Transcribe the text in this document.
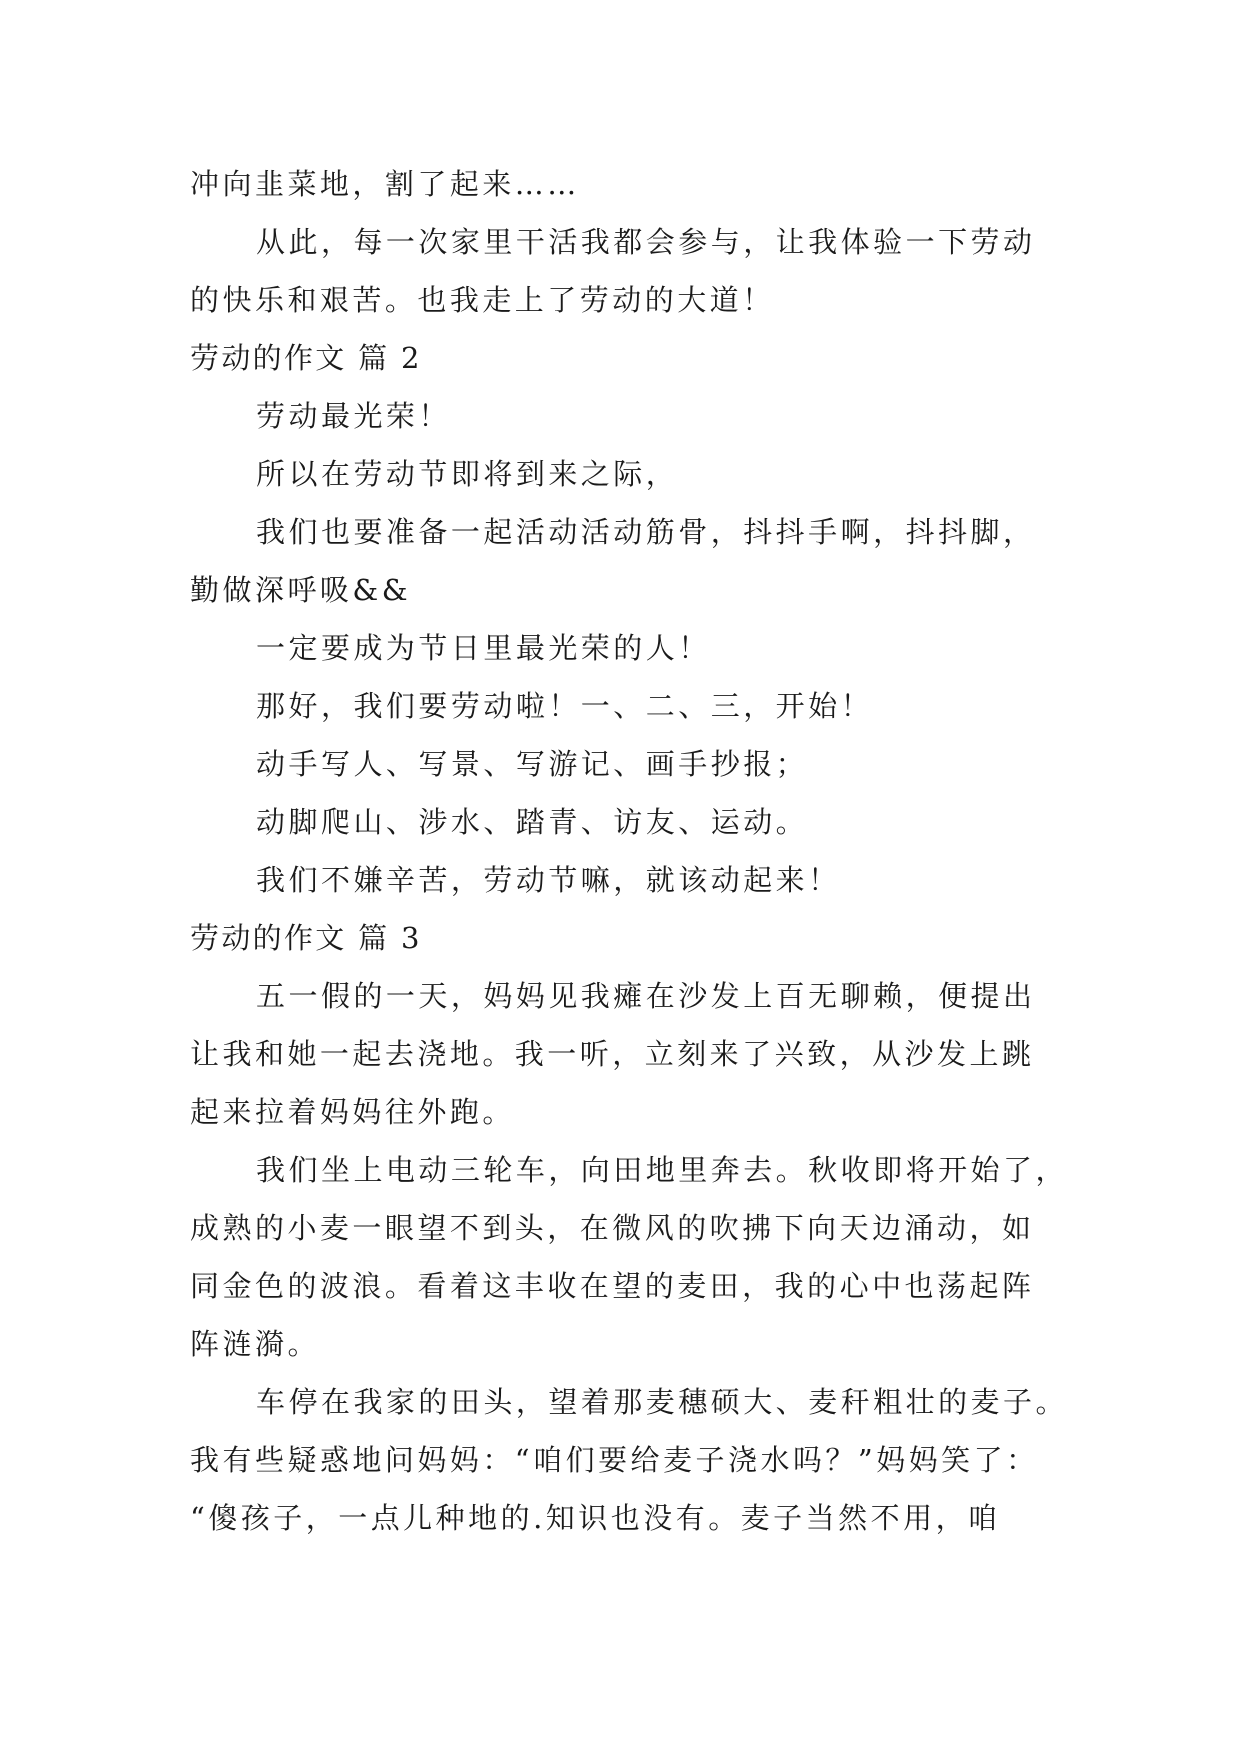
冲向韭菜地，割了起来……
从此，每一次家里干活我都会参与，让我体验一下劳动
的快乐和艰苦。也我走上了劳动的大道！
劳动的作文 篇 2
劳动最光荣！
所以在劳动节即将到来之际，
我们也要准备一起活动活动筋骨，抖抖手啊，抖抖脚，
勤做深呼吸&&
一定要成为节日里最光荣的人！
那好，我们要劳动啦！一、二、三，开始！
动手写人、写景、写游记、画手抄报；
动脚爬山、涉水、踏青、访友、运动。
我们不嫌辛苦，劳动节嘛，就该动起来！
劳动的作文 篇 3
五一假的一天，妈妈见我瘫在沙发上百无聊赖，便提出
让我和她一起去浇地。我一听，立刻来了兴致，从沙发上跳
起来拉着妈妈往外跑。
我们坐上电动三轮车，向田地里奔去。秋收即将开始了，
成熟的小麦一眼望不到头，在微风的吹拂下向天边涌动，如
同金色的波浪。看着这丰收在望的麦田，我的心中也荡起阵
阵涟漪。
车停在我家的田头，望着那麦穗硕大、麦秆粗壮的麦子。
我有些疑惑地问妈妈：“咱们要给麦子浇水吗？”妈妈笑了：
“傻孩子，一点儿种地的.知识也没有。麦子当然不用，咱
